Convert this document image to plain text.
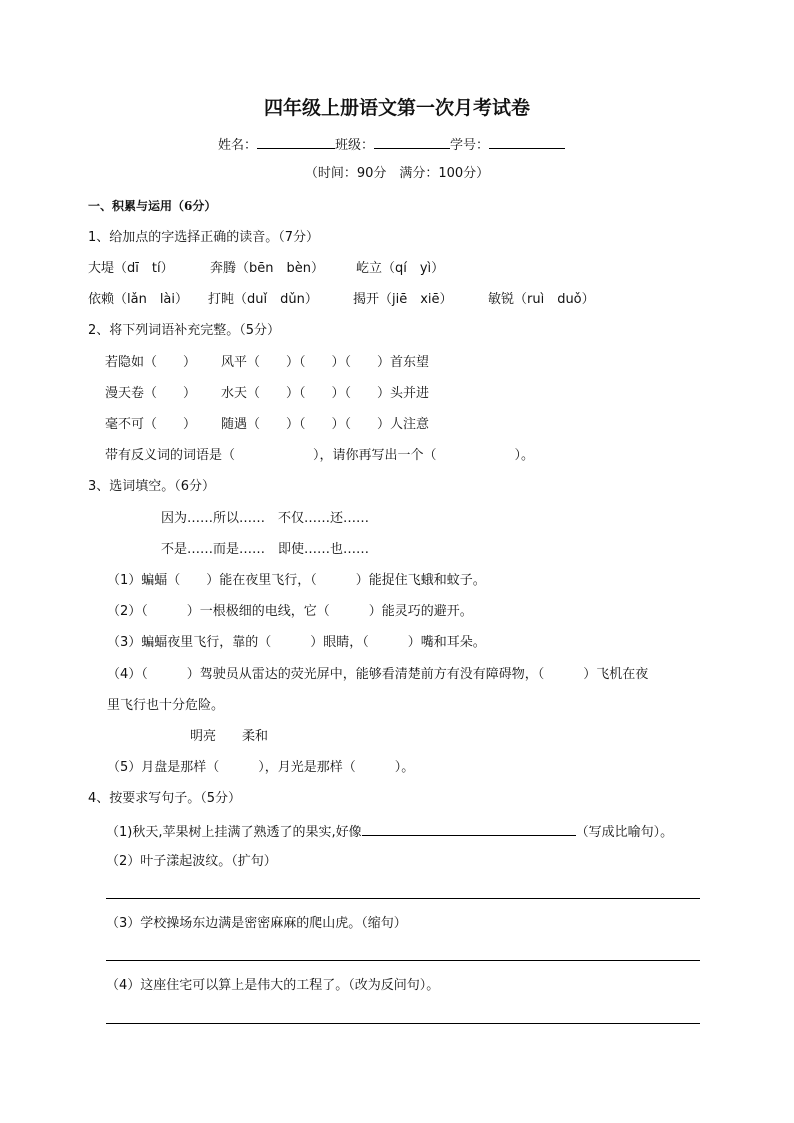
四年级上册语文第一次月考试卷
姓名：	班级：	学号：
（时间：90分　满分：100分）
一、积累与运用（6分）
1、给加点的字选择正确的读音。（7分）
大堤（dī　tí）	奔腾（bēn　bèn） 屹立（qí　yì）
依赖（lǎn　lài） 打盹（duǐ　dǔn）	揭开（jiē　xiē）	敏锐（ruì　duǒ）
2、将下列词语补充完整。（5分）
若隐如（　　） 风平（　　）（　　）（　　）首东望
漫天卷（　　） 水天（　　）（　　）（　　）头并进
毫不可（　　） 随遇（　　）（　　）（　　）人注意
带有反义词的词语是（　　　　　　），请你再写出一个（　　　　　　）。
3、选词填空。（6分）
因为……所以……　不仅……还……
不是……而是……　即使……也……
（1）蝙蝠（　　）能在夜里飞行，（　　　）能捉住飞蛾和蚊子。
（2）（　　　）一根极细的电线，它（　　　）能灵巧的避开。
（3）蝙蝠夜里飞行，靠的（　　　）眼睛，（　　　）嘴和耳朵。
（4）（　　　）驾驶员从雷达的荧光屏中，能够看清楚前方有没有障碍物，（　　　）飞机在夜
里飞行也十分危险。
明亮　　柔和
（5）月盘是那样（　　　），月光是那样（　　　）。
4、按要求写句子。（5分）
（1)秋天,苹果树上挂满了熟透了的果实,好像	（写成比喻句）。
（2）叶子漾起波纹。（扩句）
（3）学校操场东边满是密密麻麻的爬山虎。（缩句）
（4）这座住宅可以算上是伟大的工程了。（改为反问句）。
